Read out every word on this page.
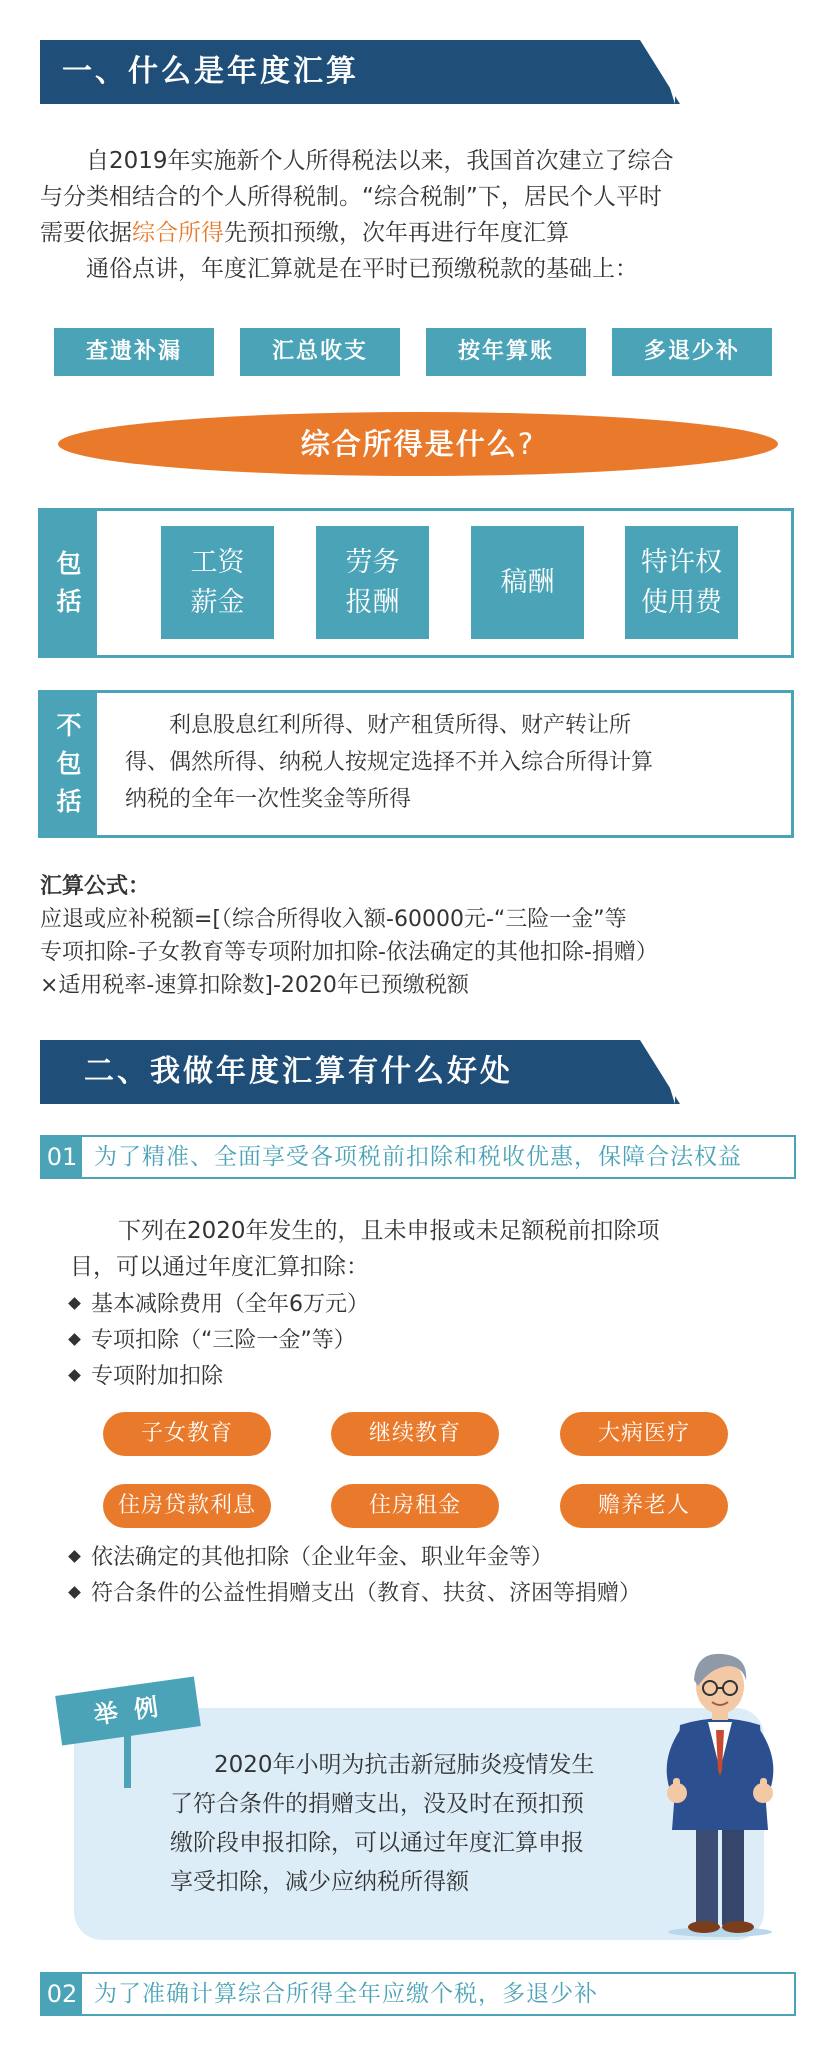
一、什么是年度汇算
自2019年实施新个人所得税法以来，我国首次建立了综合
与分类相结合的个人所得税制。“综合税制”下，居民个人平时
需要依据综合所得先预扣预缴，次年再进行年度汇算
通俗点讲，年度汇算就是在平时已预缴税款的基础上：
查遗补漏	汇总收支	按年算账	多退少补
综合所得是什么?
包括
工资薪金
劳务报酬
稿酬
特许权使用费
不包括
利息股息红利所得、财产租赁所得、财产转让所
得、偶然所得、纳税人按规定选择不并入综合所得计算
纳税的全年一次性奖金等所得
汇算公式：
应退或应补税额=[（综合所得收入额-60000元-“三险一金”等
专项扣除-子女教育等专项附加扣除-依法确定的其他扣除-捐赠）
×适用税率-速算扣除数]-2020年已预缴税额
二、我做年度汇算有什么好处
01 为了精准、全面享受各项税前扣除和税收优惠，保障合法权益
下列在2020年发生的，且未申报或未足额税前扣除项
目，可以通过年度汇算扣除：
基本减除费用（全年6万元）
专项扣除（“三险一金”等）
专项附加扣除
子女教育	继续教育	大病医疗
住房贷款利息	住房租金	赡养老人
依法确定的其他扣除（企业年金、职业年金等）
符合条件的公益性捐赠支出（教育、扶贫、济困等捐赠）
2020年小明为抗击新冠肺炎疫情发生
了符合条件的捐赠支出，没及时在预扣预
缴阶段申报扣除，可以通过年度汇算申报
享受扣除，减少应纳税所得额
举 例
02 为了准确计算综合所得全年应缴个税，多退少补
